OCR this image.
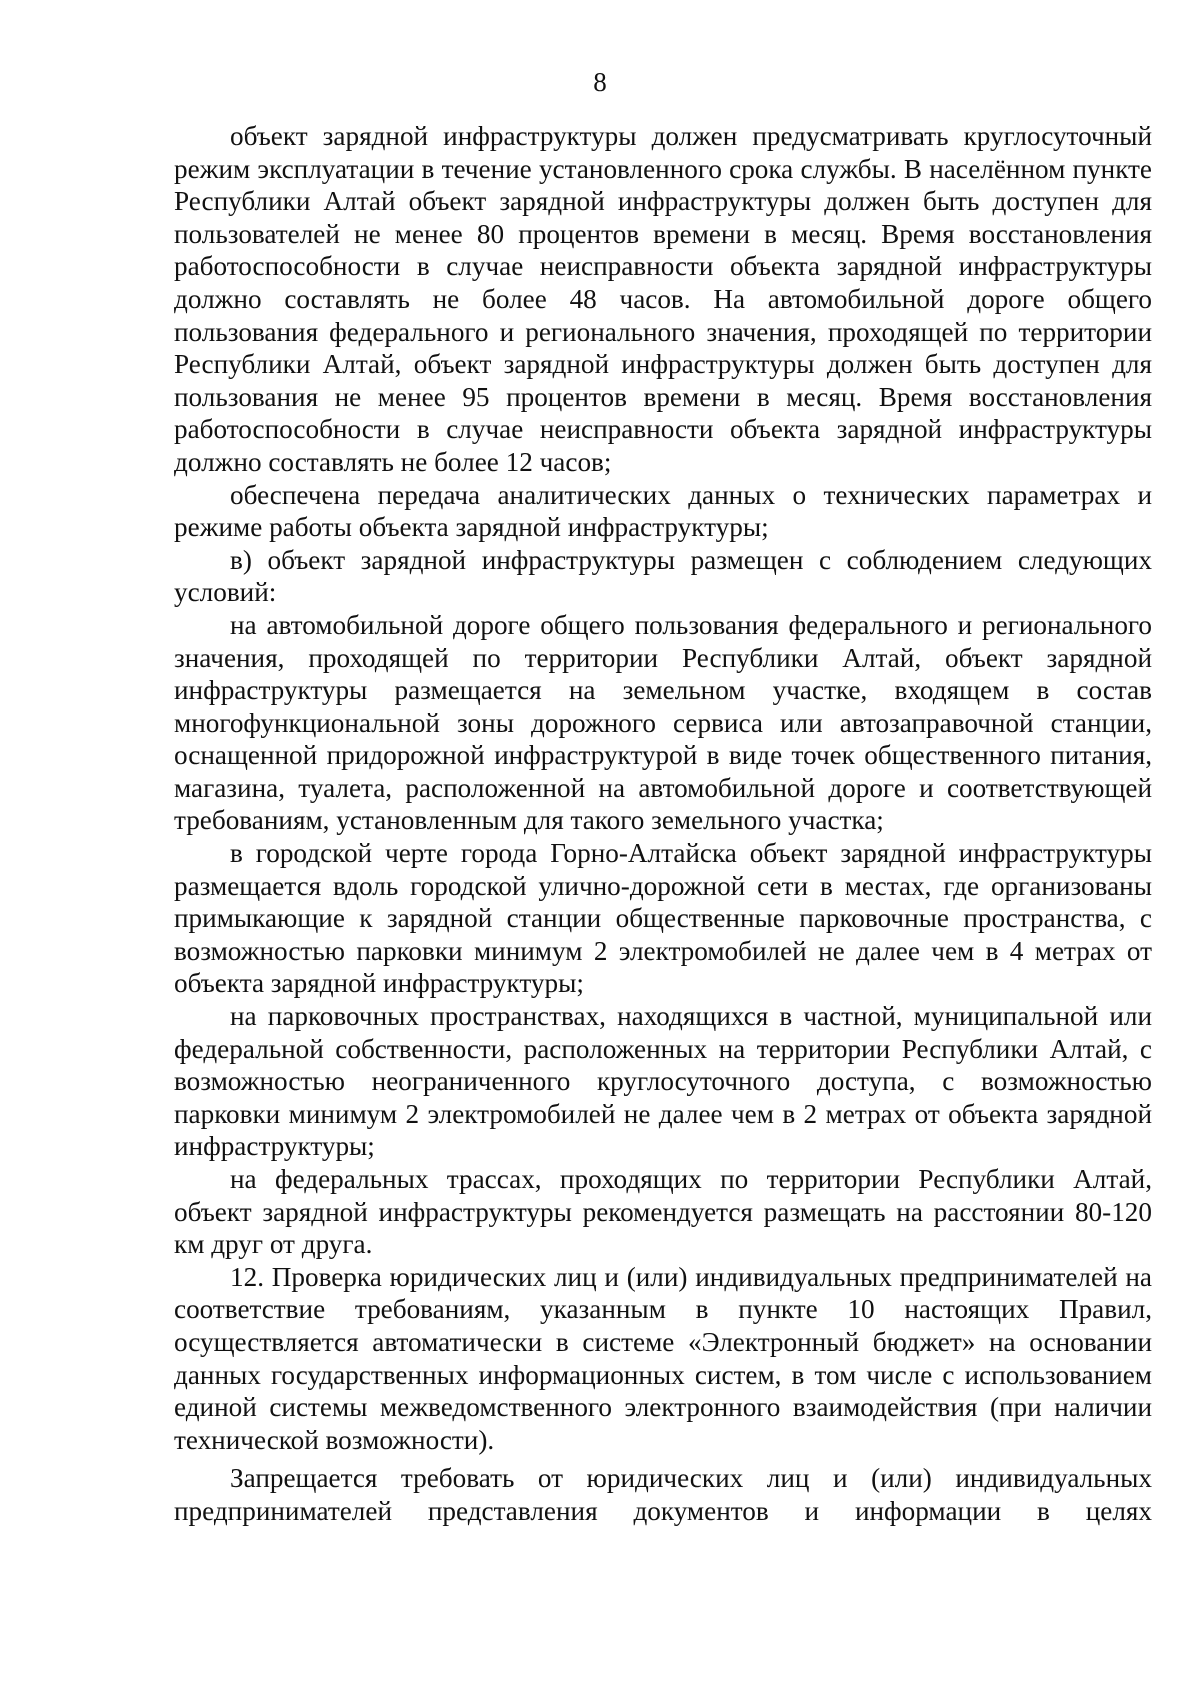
8

объект зарядной инфраструктуры должен предусматривать круглосуточный режим эксплуатации в течение установленного срока службы. В населённом пункте Республики Алтай объект зарядной инфраструктуры должен быть доступен для пользователей не менее 80 процентов времени в месяц. Время восстановления работоспособности в случае неисправности объекта зарядной инфраструктуры должно составлять не более 48 часов. На автомобильной дороге общего пользования федерального и регионального значения, проходящей по территории Республики Алтай, объект зарядной инфраструктуры должен быть доступен для пользования не менее 95 процентов времени в месяц. Время восстановления работоспособности в случае неисправности объекта зарядной инфраструктуры должно составлять не более 12 часов;

обеспечена передача аналитических данных о технических параметрах и режиме работы объекта зарядной инфраструктуры;

в) объект зарядной инфраструктуры размещен с соблюдением следующих условий:

на автомобильной дороге общего пользования федерального и регионального значения, проходящей по территории Республики Алтай, объект зарядной инфраструктуры размещается на земельном участке, входящем в состав многофункциональной зоны дорожного сервиса или автозаправочной станции, оснащенной придорожной инфраструктурой в виде точек общественного питания, магазина, туалета, расположенной на автомобильной дороге и соответствующей требованиям, установленным для такого земельного участка;

в городской черте города Горно-Алтайска объект зарядной инфраструктуры размещается вдоль городской улично-дорожной сети в местах, где организованы примыкающие к зарядной станции общественные парковочные пространства, с возможностью парковки минимум 2 электромобилей не далее чем в 4 метрах от объекта зарядной инфраструктуры;

на парковочных пространствах, находящихся в частной, муниципальной или федеральной собственности, расположенных на территории Республики Алтай, с возможностью неограниченного круглосуточного доступа, с возможностью парковки минимум 2 электромобилей не далее чем в 2 метрах от объекта зарядной инфраструктуры;

на федеральных трассах, проходящих по территории Республики Алтай, объект зарядной инфраструктуры рекомендуется размещать на расстоянии 80-120 км друг от друга.

12. Проверка юридических лиц и (или) индивидуальных предпринимателей на соответствие требованиям, указанным в пункте 10 настоящих Правил, осуществляется автоматически в системе «Электронный бюджет» на основании данных государственных информационных систем, в том числе с использованием единой системы межведомственного электронного взаимодействия (при наличии технической возможности).

Запрещается требовать от юридических лиц и (или) индивидуальных предпринимателей представления документов и информации в целях
